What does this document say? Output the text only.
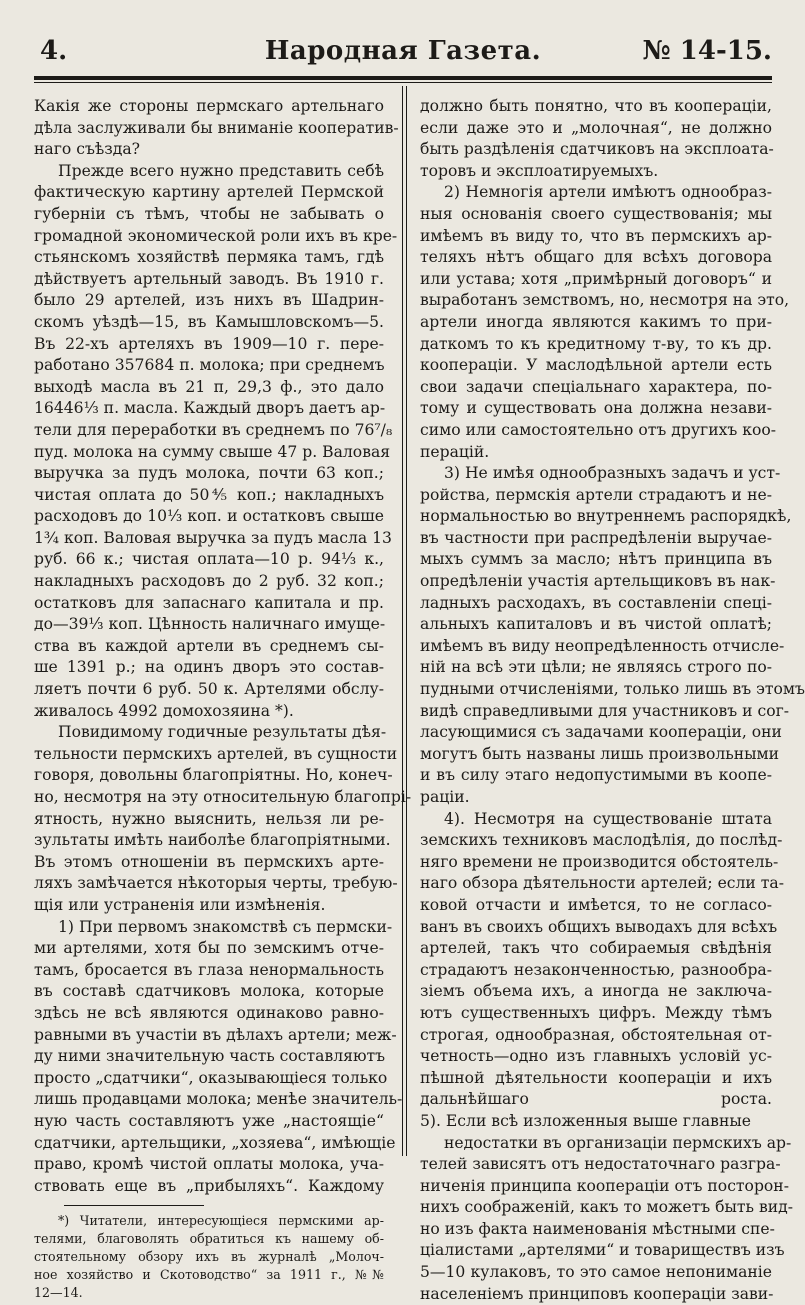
4.	Народная Газета.	№ 14-15.
Какія же стороны пермскаго артельнаго
дѣла заслуживали бы вниманіе кооператив-
наго съѣзда?
Прежде всего нужно представить себѣ
фактическую картину артелей Пермской
губерніи съ тѣмъ, чтобы не забывать о
громадной экономической роли ихъ въ кре-
стьянскомъ хозяйствѣ пермяка тамъ, гдѣ
дѣйствуетъ артельный заводъ. Въ 1910 г.
было 29 артелей, изъ нихъ въ Шадрин-
скомъ уѣздѣ—15, въ Камышловскомъ—5.
Въ 22-хъ артеляхъ въ 1909—10 г. пере-
работано 357684 п. молока; при среднемъ
выходѣ масла въ 21 п, 29,3 ф., это дало
16446⅓ п. масла. Каждый дворъ даетъ ар-
тели для переработки въ среднемъ по 76⁷/₈
пуд. молока на сумму свыше 47 р. Валовая
выручка за пудъ молока, почти 63 коп.;
чистая оплата до 50⅘ коп.; накладныхъ
расходовъ до 10⅓ коп. и остатковъ свыше
1¾ коп. Валовая выручка за пудъ масла 13
руб. 66 к.; чистая оплата—10 р. 94⅓ к.,
накладныхъ расходовъ до 2 руб. 32 коп.;
остатковъ для запаснаго капитала и пр.
до—39⅓ коп. Цѣнность наличнаго имуще-
ства въ каждой артели въ среднемъ сы-
ше 1391 р.; на одинъ дворъ это состав-
ляетъ почти 6 руб. 50 к. Артелями обслу-
живалось 4992 домохозяина *).
Повидимому годичные результаты дѣя-
тельности пермскихъ артелей, въ сущности
говоря, довольны благопріятны. Но, конеч-
но, несмотря на эту относительную благопрі-
ятность, нужно выяснить, нельзя ли ре-
зультаты имѣть наиболѣе благопріятными.
Въ этомъ отношеніи въ пермскихъ арте-
ляхъ замѣчается нѣкоторыя черты, требую-
щія или устраненія или измѣненія.
1) При первомъ знакомствѣ съ пермски-
ми артелями, хотя бы по земскимъ отче-
тамъ, бросается въ глаза ненормальность
въ составѣ сдатчиковъ молока, которые
здѣсь не всѣ являются одинаково равно-
равными въ участіи въ дѣлахъ артели; меж-
ду ними значительную часть составляютъ
просто „сдатчики“, оказывающіеся только
лишь продавцами молока; менѣе значитель-
ную часть составляютъ уже „настоящіе“
сдатчики, артельщики, „хозяева“, имѣющіе
право, кромѣ чистой оплаты молока, уча-
ствовать еще въ „прибыляхъ“. Каждому
*) Читатели, интересующіеся пермскими ар-
телями, благоволять обратиться къ нашему об-
стоятельному обзору ихъ въ журналѣ „Молоч-
ное хозяйство и Скотоводство“ за 1911 г., №№
12—14.
должно быть понятно, что въ коопераціи,
если даже это и „молочная“, не должно
быть раздѣленія сдатчиковъ на эксплоата-
торовъ и эксплоатируемыхъ.
2) Немногія артели имѣютъ однообраз-
ныя основанія своего существованія; мы
имѣемъ въ виду то, что въ пермскихъ ар-
теляхъ нѣтъ общаго для всѣхъ договора
или устава; хотя „примѣрный договоръ“ и
выработанъ земствомъ, но, несмотря на это,
артели иногда являются какимъ то при-
даткомъ то къ кредитному т-ву, то къ др.
коопераціи. У маслодѣльной артели есть
свои задачи спеціальнаго характера, по-
тому и существовать она должна незави-
симо или самостоятельно отъ другихъ коо-
перацій.
3) Не имѣя однообразныхъ задачъ и уст-
ройства, пермскія артели страдаютъ и не-
нормальностью во внутреннемъ распорядкѣ,
въ частности при распредѣленіи выручае-
мыхъ суммъ за масло; нѣтъ принципа въ
опредѣленіи участія артельщиковъ въ нак-
ладныхъ расходахъ, въ составленіи спеці-
альныхъ капиталовъ и въ чистой оплатѣ;
имѣемъ въ виду неопредѣленность отчисле-
ній на всѣ эти цѣли; не являясь строго по-
пудными отчисленіями, только лишь въ этомъ
видѣ справедливыми для участниковъ и сог-
ласующимися съ задачами коопераціи, они
могутъ быть названы лишь произвольными
и въ силу этаго недопустимыми въ коопе-
раціи.
4). Несмотря на существованіе штата
земскихъ техниковъ маслодѣлія, до послѣд-
няго времени не производится обстоятель-
наго обзора дѣятельности артелей; если та-
ковой отчасти и имѣется, то не согласо-
ванъ въ своихъ общихъ выводахъ для всѣхъ
артелей, такъ что собираемыя свѣдѣнія
страдаютъ незаконченностью, разнообра-
зіемъ объема ихъ, а иногда не заключа-
ютъ существенныхъ цифръ. Между тѣмъ
строгая, однообразная, обстоятельная от-
четность—одно изъ главныхъ условій ус-
пѣшной дѣятельности коопераціи и ихъ
дальнѣйшаго роста.
5). Если всѣ изложенныя выше главные
недостатки въ организаціи пермскихъ ар-
телей зависятъ отъ недостаточнаго разгра-
ниченія принципа коопераціи отъ посторон-
нихъ соображеній, какъ то можетъ быть вид-
но изъ факта наименованія мѣстными спе-
ціалистами „артелями“ и товариществъ изъ
5—10 кулаковъ, то это самое непониманіе
населеніемъ принциповъ коопераціи зави-
